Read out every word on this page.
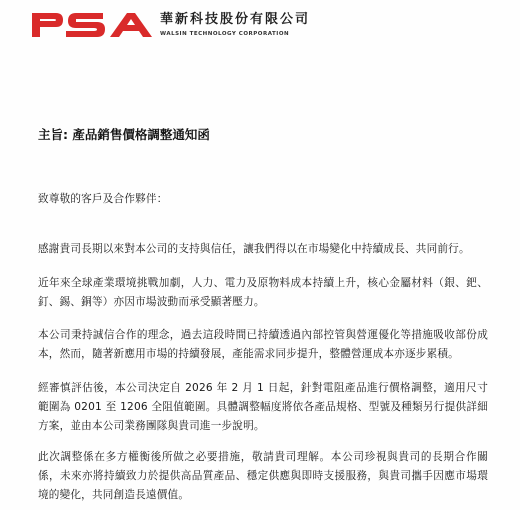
華新科技股份有限公司
WALSIN TECHNOLOGY CORPORATION
主旨: 產品銷售價格調整通知函
致尊敬的客戶及合作夥伴：
感謝貴司長期以來對本公司的支持與信任，讓我們得以在市場變化中持續成長、共同前行。
近年來全球產業環境挑戰加劇，人力、電力及原物料成本持續上升，核心金屬材料（銀、鈀、釘、錫、銅等）亦因市場波動而承受顯著壓力。
本公司秉持誠信合作的理念，過去這段時間已持續透過內部控管與營運優化等措施吸收部份成本，然而，隨著新應用市場的持續發展，產能需求同步提升，整體營運成本亦逐步累積。
經審慎評估後，本公司決定自 2026 年 2 月 1 日起，針對電阻產品進行價格調整，適用尺寸範圍為 0201 至 1206 全阻值範圍。具體調整幅度將依各產品規格、型號及種類另行提供詳細方案，並由本公司業務團隊與貴司進一步說明。
此次調整係在多方權衡後所做之必要措施，敬請貴司理解。本公司珍視與貴司的長期合作關係，未來亦將持續致力於提供高品質產品、穩定供應與即時支援服務，與貴司攜手因應市場環境的變化，共同創造長遠價值。
